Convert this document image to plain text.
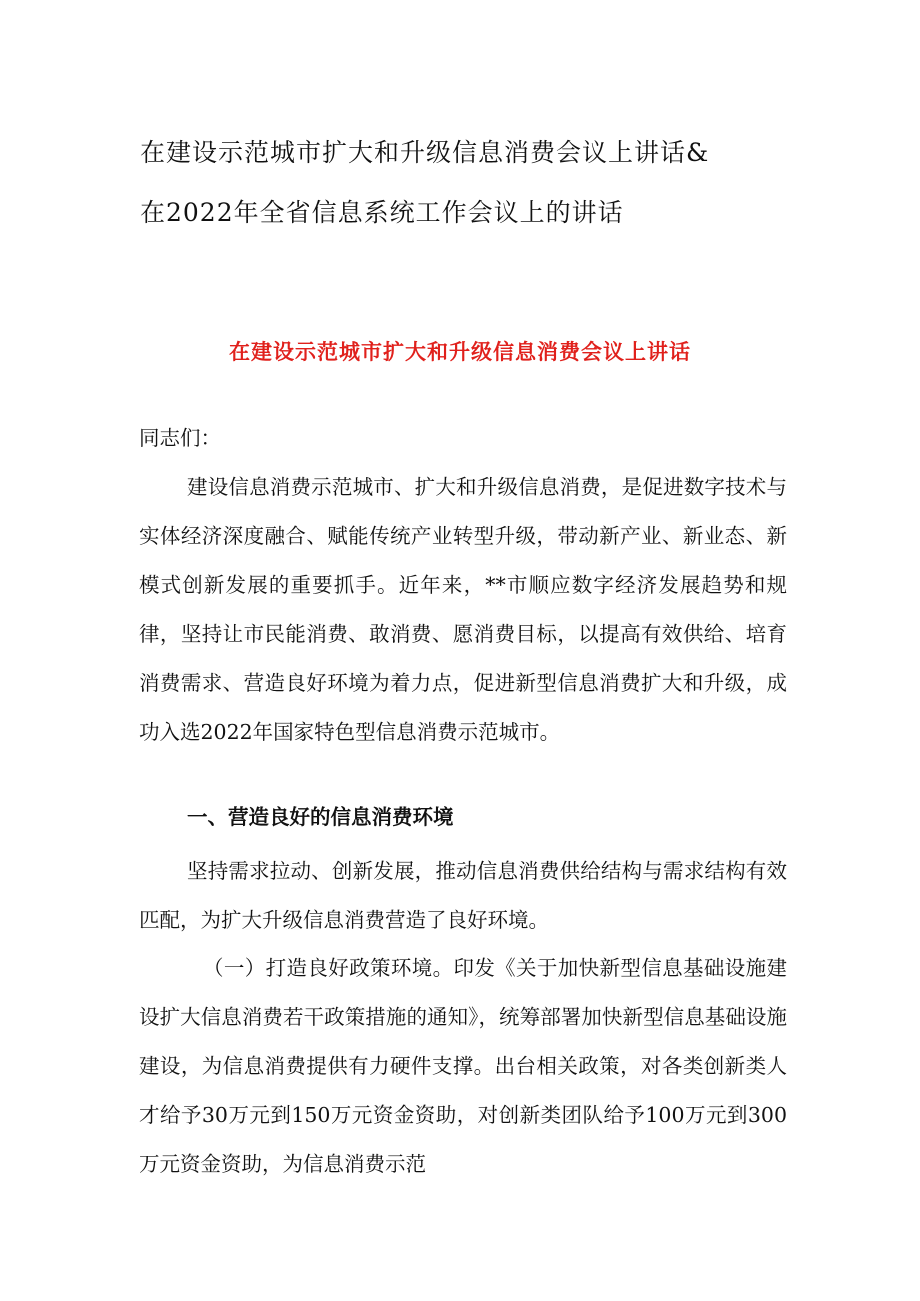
在建设示范城市扩大和升级信息消费会议上讲话&
在2022年全省信息系统工作会议上的讲话
在建设示范城市扩大和升级信息消费会议上讲话

同志们：

建设信息消费示范城市、扩大和升级信息消费，是促进数字技术与实体经济深度融合、赋能传统产业转型升级，带动新产业、新业态、新模式创新发展的重要抓手。近年来，**市顺应数字经济发展趋势和规律，坚持让市民能消费、敢消费、愿消费目标，以提高有效供给、培育消费需求、营造良好环境为着力点，促进新型信息消费扩大和升级，成功入选2022年国家特色型信息消费示范城市。

一、营造良好的信息消费环境

坚持需求拉动、创新发展，推动信息消费供给结构与需求结构有效匹配，为扩大升级信息消费营造了良好环境。

（一）打造良好政策环境。印发《关于加快新型信息基础设施建设扩大信息消费若干政策措施的通知》，统筹部署加快新型信息基础设施建设，为信息消费提供有力硬件支撑。出台相关政策，对各类创新类人才给予30万元到150万元资金资助，对创新类团队给予100万元到300万元资金资助，为信息消费示范
